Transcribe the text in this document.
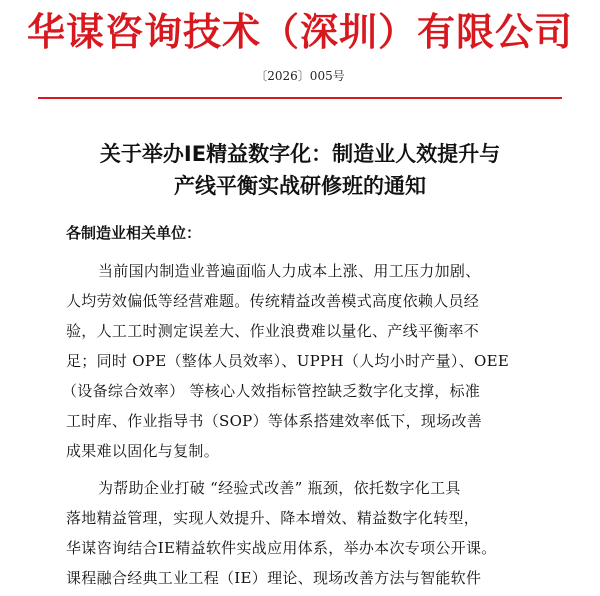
华谋咨询技术（深圳）有限公司
〔2026〕005号
关于举办IE精益数字化：制造业人效提升与
产线平衡实战研修班的通知
各制造业相关单位：
当前国内制造业普遍面临人力成本上涨、用工压力加剧、
人均劳效偏低等经营难题。传统精益改善模式高度依赖人员经
验，人工工时测定误差大、作业浪费难以量化、产线平衡率不
足；同时 OPE（整体人员效率）、UPPH（人均小时产量）、OEE
（设备综合效率） 等核心人效指标管控缺乏数字化支撑，标准
工时库、作业指导书（SOP）等体系搭建效率低下，现场改善
成果难以固化与复制。
为帮助企业打破 “经验式改善” 瓶颈，依托数字化工具
落地精益管理，实现人效提升、降本增效、精益数字化转型，
华谋咨询结合IE精益软件实战应用体系，举办本次专项公开课。
课程融合经典工业工程（IE）理论、现场改善方法与智能软件
